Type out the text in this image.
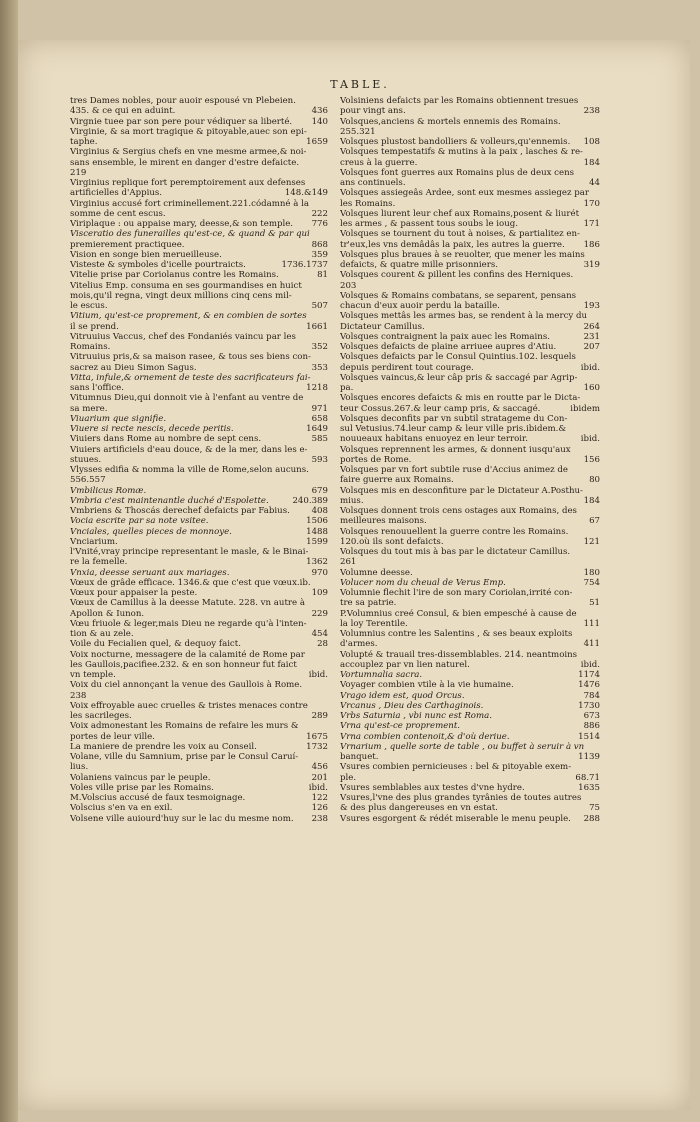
TABLE.
tres Dames nobles, pour auoir espousé vn Plebeien.
435. & ce qui en aduint.	436
Virgnie tuee par son pere pour védiquer sa liberté.	140
Virginie, & sa mort tragique & pitoyable,auec son epi-
taphe.	1659
Virginius & Sergius chefs en vne mesme armee,& noi-
sans ensemble, le mirent en danger d'estre defaicte.
219
Virginius replique fort peremptoirement aux defenses
artificielles d'Appius.	148.&149
Virginius accusé fort criminellement.221.códamné à la
somme de cent escus.	222
Viriplaque : ou appaise mary, deesse,& son temple.	776
Visceratio des funerailles qu'est-ce, & quand & par qui
premierement practiquee.	868
Vision en songe bien merueilleuse.	359
Visteste & symboles d'icelle pourtraicts.	1736.1737
Vitelie prise par Coriolanus contre les Romains.	81
Vitelius Emp. consuma en ses gourmandises en huict
mois,qu'il regna, vingt deux millions cinq cens mil-
le escus.	507
Vitium, qu'est-ce proprement, & en combien de sortes
il se prend.	1661
Vitruuius Vaccus, chef des Fondaniés vaincu par les
Romains.	352
Vitruuius pris,& sa maison rasee, & tous ses biens con-
sacrez au Dieu Simon Sagus.	353
Vitta, infule,& ornement de teste des sacrificateurs fai-
sans l'office.	1218
Vitumnus Dieu,qui donnoit vie à l'enfant au ventre de
sa mere.	971
Viuarium que signifie.	658
Viuere si recte nescis, decede peritis.	1649
Viuiers dans Rome au nombre de sept cens.	585
Viuiers artificiels d'eau douce, & de la mer, dans les e-
stuues.	593
Vlysses edifia & nomma la ville de Rome,selon aucuns.
556.557
Vmbilicus Romæ.	679
Vmbria c'est maintenantle duché d'Espolette.	240.389
Vmbriens & Thoscás derechef defaicts par Fabius.	408
Vocia escrite par sa note vsitee.	1506
Vnciales, quelles pieces de monnoye.	1488
Vnciarium.	1599
l'Vnité,vray principe representant le masle, & le Binai-
re la femelle.	1362
Vnxia, deesse seruant aux mariages.	970
Vœux de grâde efficace. 1346.& que c'est que vœux.ib.
Vœux pour appaiser la peste.	109
Vœux de Camillus à la deesse Matute. 228. vn autre à
Apollon & Iunon.	229
Vœu friuole & leger,mais Dieu ne regarde qu'à l'inten-
tion & au zele.	454
Voile du Fecialien quel, & dequoy faict.	28
Voix nocturne, messagere de la calamité de Rome par
les Gaullois,pacifiee.232. & en son honneur fut faict
vn temple.	ibid.
Voix du ciel annonçant la venue des Gaullois à Rome.
238
Voix effroyable auec cruelles & tristes menaces contre
les sacrileges.	289
Voix admonestant les Romains de refaire les murs &
portes de leur ville.	1675
La maniere de prendre les voix au Conseil.	1732
Volane, ville du Samnium, prise par le Consul Caruí-
lius.	456
Volaniens vaincus par le peuple.	201
Voles ville prise par les Romains.	ibid.
M.Volscius accusé de faux tesmoignage.	122
Volscius s'en va en exil.	126
Volsene ville auiourd'huy sur le lac du mesme nom.	238
Volsiniens defaicts par les Romains obtiennent tresues
pour vingt ans.	238
Volsques,anciens & mortels ennemis des Romains.
255.321
Volsques plustost bandolliers & volleurs,qu'ennemis.	108
Volsques tempestatifs & mutins à la paix , lasches & re-
creus à la guerre.	184
Volsques font guerres aux Romains plus de deux cens
ans continuels.	44
Volsques assiegeâs Ardee, sont eux mesmes assiegez par
les Romains.	170
Volsques liurent leur chef aux Romains,posent & liurét
les armes , & passent tous soubs le ioug.	171
Volsques se tournent du tout à noises, & partialitez en-
tr'eux,les vns demâdâs la paix, les autres la guerre.	186
Volsques plus braues à se reuolter, que mener les mains
defaicts, & quatre mille prisonniers.	319
Volsques courent & pillent les confins des Herniques.
203
Volsques & Romains combatans, se separent, pensans
chacun d'eux auoir perdu la bataille.	193
Volsques mettâs les armes bas, se rendent à la mercy du
Dictateur Camillus.	264
Volsques contraignent la paix auec les Romains.	231
Volsques defaicts de plaine arriuee aupres d'Atiu.	207
Volsques defaicts par le Consul Quintius.102. lesquels
depuis perdirent tout courage.	ibid.
Volsques vaincus,& leur câp pris & saccagé par Agrip-
pa.	160
Volsques encores defaicts & mis en routte par le Dicta-
teur Cossus.267.& leur camp pris, & saccagé.	ibidem
Volsques deconfits par vn subtil stratageme du Con-
sul Vetusius.74.leur camp & leur ville pris.ibidem.&
nouueaux habitans enuoyez en leur terroir.	ibid.
Volsques reprennent les armes, & donnent iusqu'aux
portes de Rome.	156
Volsques par vn fort subtile ruse d'Accius animez de
faire guerre aux Romains.	80
Volsques mis en desconfiture par le Dictateur A.Posthu-
mius.	184
Volsques donnent trois cens ostages aux Romains, des
meilleures maisons.	67
Volsques renouuellent la guerre contre les Romains.
120.où ils sont defaicts.	121
Volsques du tout mis à bas par le dictateur Camillus.
261
Volumne deesse.	180
Volucer nom du cheual de Verus Emp.	754
Volumnie flechit l'ire de son mary Coriolan,irrité con-
tre sa patrie.	51
P.Volumnius creé Consul, & bien empesché à cause de
la loy Terentile.	111
Volumnius contre les Salentins , & ses beaux exploits
d'armes.	411
Volupté & trauail tres-dissemblables. 214. neantmoins
accouplez par vn lien naturel.	ibid.
Vortumnalia sacra.	1174
Voyager combien vtile à la vie humaine.	1476
Vrago idem est, quod Orcus.	784
Vrcanus , Dieu des Carthaginois.	1730
Vrbs Saturnia , vbi nunc est Roma.	673
Vrna qu'est-ce proprement.	886
Vrna combien contenoit,& d'où deriue.	1514
Vrnarium , quelle sorte de table , ou buffet à seruir à vn
banquet.	1139
Vsures combien pernicieuses : bel & pitoyable exem-
ple.	68.71
Vsures semblables aux testes d'vne hydre.	1635
Vsures,l'vne des plus grandes tyrânies de toutes autres
& des plus dangereuses en vn estat.	75
Vsures esgorgent & rédét miserable le menu peuple.	288
